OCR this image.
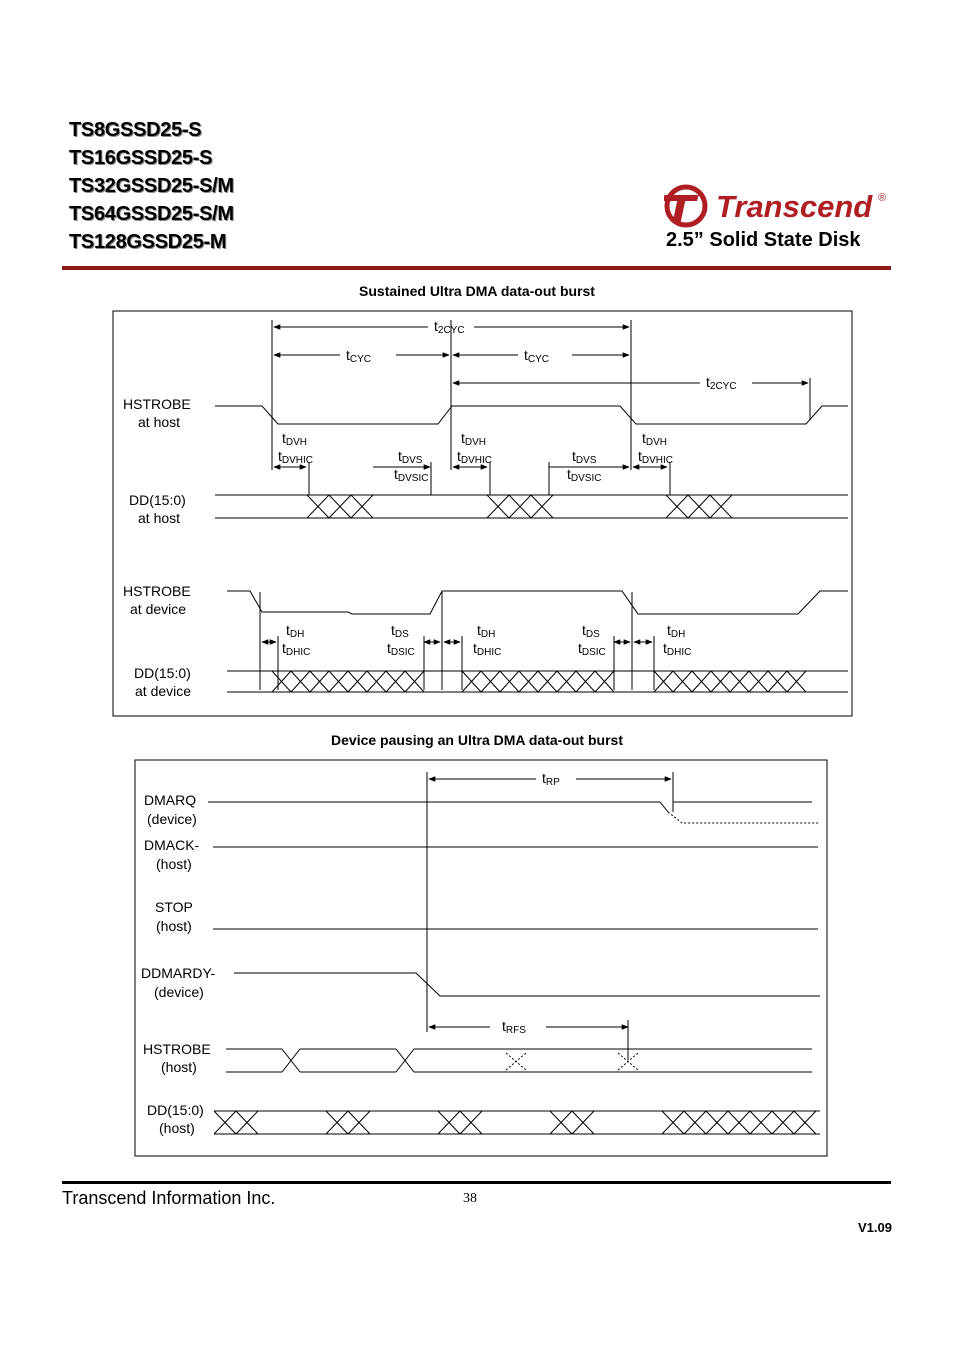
TS8GSSD25-S
TS16GSSD25-S
TS32GSSD25-S/M
TS64GSSD25-S/M
TS128GSSD25-M
Transcend ®
2.5” Solid State Disk
Sustained Ultra DMA data-out burst
HSTROBE
at host
DD(15:0)
at host
HSTROBE
at device
DD(15:0)
at device
t2CYC
tCYC	tCYC
t2CYC
tDVH
tDVHIC	tDVS
tDVSIC
tDVH
tDVHIC	tDVS
tDVSIC
tDVH
tDVHIC
tDH
tDHIC
tDS
tDSIC
tDH
tDHIC
tDS
tDSIC
tDH
tDHIC
DMARQ
(device)
DMACK-
(host)
STOP
(host)
DDMARDY-
(device)
HSTROBE
(host)
DD(15:0)
(host)
tRP
tRFS
Device pausing an Ultra DMA data-out burst
Transcend Information Inc.	38
V1.09
